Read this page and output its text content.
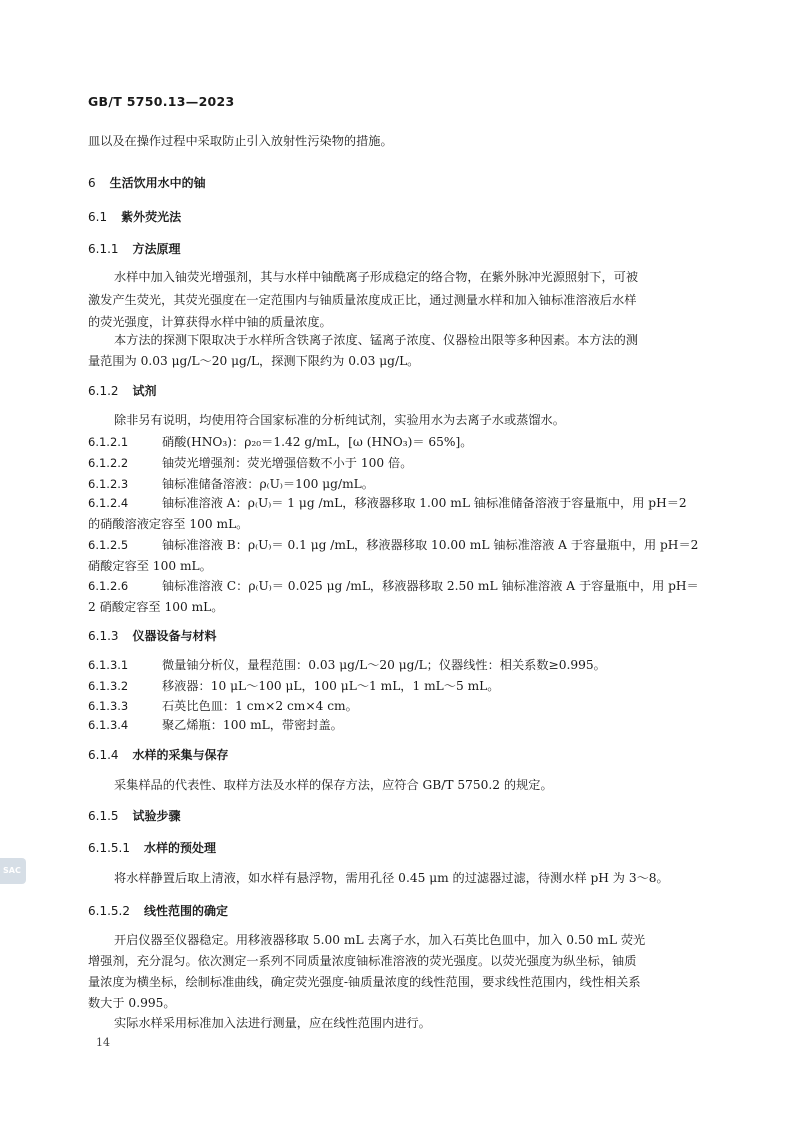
GB/T 5750.13—2023
皿以及在操作过程中采取防止引入放射性污染物的措施。
6 生活饮用水中的铀
6.1 紫外荧光法
6.1.1 方法原理
水样中加入铀荧光增强剂，其与水样中铀酰离子形成稳定的络合物，在紫外脉冲光源照射下，可被
激发产生荧光，其荧光强度在一定范围内与铀质量浓度成正比，通过测量水样和加入铀标准溶液后水样
的荧光强度，计算获得水样中铀的质量浓度。
本方法的探测下限取决于水样所含铁离子浓度、锰离子浓度、仪器检出限等多种因素。本方法的测
量范围为 0.03 μg/L～20 μg/L，探测下限约为 0.03 μg/L。
6.1.2 试剂
除非另有说明，均使用符合国家标准的分析纯试剂，实验用水为去离子水或蒸馏水。
6.1.2.1	硝酸(HNO₃)：ρ₂₀＝1.42 g/mL，[ω (HNO₃)＝ 65%]。
6.1.2.2	铀荧光增强剂：荧光增强倍数不小于 100 倍。
6.1.2.3	铀标准储备溶液：ρ₍U₎＝100 μg/mL。
6.1.2.4	铀标准溶液 A：ρ₍U₎＝ 1 μg /mL，移液器移取 1.00 mL 铀标准储备溶液于容量瓶中，用 pH＝2
的硝酸溶液定容至 100 mL。
6.1.2.5	铀标准溶液 B：ρ₍U₎＝ 0.1 μg /mL，移液器移取 10.00 mL 铀标准溶液 A 于容量瓶中，用 pH＝2
硝酸定容至 100 mL。
6.1.2.6	铀标准溶液 C：ρ₍U₎＝ 0.025 μg /mL，移液器移取 2.50 mL 铀标准溶液 A 于容量瓶中，用 pH＝
2 硝酸定容至 100 mL。
6.1.3 仪器设备与材料
6.1.3.1	微量铀分析仪，量程范围：0.03 μg/L～20 μg/L；仪器线性：相关系数≥0.995。
6.1.3.2	移液器：10 μL～100 μL，100 μL～1 mL，1 mL～5 mL。
6.1.3.3	石英比色皿：1 cm×2 cm×4 cm。
6.1.3.4	聚乙烯瓶：100 mL，带密封盖。
6.1.4 水样的采集与保存
采集样品的代表性、取样方法及水样的保存方法，应符合 GB/T 5750.2 的规定。
6.1.5 试验步骤
6.1.5.1 水样的预处理
将水样静置后取上清液，如水样有悬浮物，需用孔径 0.45 μm 的过滤器过滤，待测水样 pH 为 3～8。
6.1.5.2 线性范围的确定
开启仪器至仪器稳定。用移液器移取 5.00 mL 去离子水，加入石英比色皿中，加入 0.50 mL 荧光
增强剂，充分混匀。依次测定一系列不同质量浓度铀标准溶液的荧光强度。以荧光强度为纵坐标，铀质
量浓度为横坐标，绘制标准曲线，确定荧光强度-铀质量浓度的线性范围，要求线性范围内，线性相关系
数大于 0.995。
实际水样采用标准加入法进行测量，应在线性范围内进行。
14
SAC
